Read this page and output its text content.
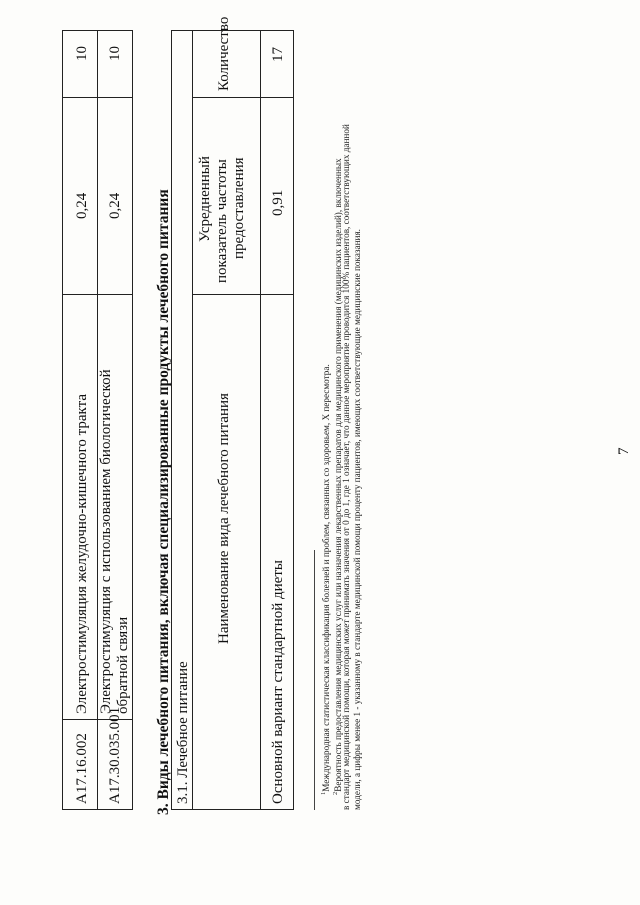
7
A17.16.002
Электростимуляция желудочно-кишечного тракта
0,24
10
A17.30.035.001
Электростимуляция с использованием биологической обратной связи
0,24
10
3. Виды лечебного питания, включая специализированные продукты лечебного питания 3.1. Лечебное питание
Наименование вида лечебного питания
Усредненный показатель частоты предоставления
Количество
Основной вариант стандартной диеты
0,91
17
$^1$Международная статистическая классификация болезней и проблем, связанных со здоровьем, X пересмотра.
$^2$Вероятность предоставления медицинских услуг или назначения лекарственных препаратов для медицинского применения (медицинских изделий), включенных
в стандарт медицинской помощи, которая может принимать значения от 0 до 1, где 1 означает, что данное мероприятие проводится 100% пациентов, соответствующих данной модели, а цифры менее 1 - указанному в стандарте медицинской помощи проценту пациентов, имеющих соответствующие медицинские показания.
